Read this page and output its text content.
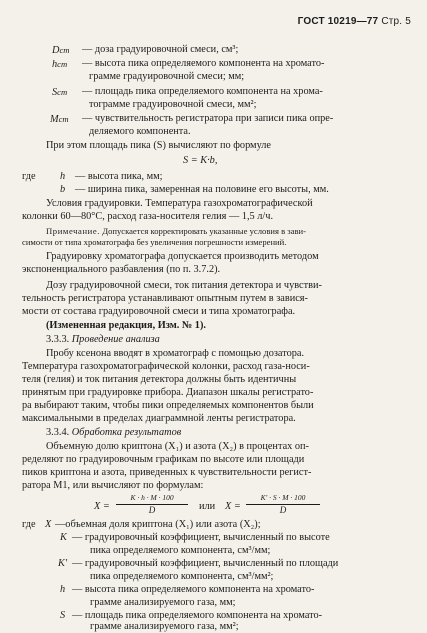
ГОСТ 10219—77 Стр. 5
Dст — доза градуировочной смеси, см³;
hст — высота пика определяемого компонента на хромато-
грамме градуировочной смеси; мм;
Sст — площадь пика определяемого компонента на хрома-
тограмме градуировочной смеси, мм²;
Mст — чувствительность регистратора при записи пика опре-
деляемого компонента.
При этом площадь пика (S) вычисляют по формуле
S = K·b,
где h — высота пика, мм;
b — ширина пика, замеренная на половине его высоты, мм.
Условия градуировки. Температура газохроматографической
колонки 60—80°С, расход газа-носителя гелия — 1,5 л/ч.
Примечание. Допускается корректировать указанные условия в зави-
симости от типа хроматографа без увеличения погрешности измерений.
Градуировку хроматографа допускается производить методом
экспоненциального разбавления (по п. 3.7.2).
Дозу градуировочной смеси, ток питания детектора и чувстви-
тельность регистратора устанавливают опытным путем в завися-
мости от состава градуировочной смеси и типа хроматографа.
(Измененная редакция, Изм. № 1).
3.3.3. Проведение анализа
Пробу ксенона вводят в хроматограф с помощью дозатора.
Температура газохроматографической колонки, расход газа-носи-
теля (гелия) и ток питания детектора должны быть идентичны
принятым при градуировке прибора. Диапазон шкалы регистрато-
ра выбирают таким, чтобы пики определяемых компонентов были
максимальными в пределах диаграммной ленты регистратора.
3.3.4. Обработка результатов
Объемную долю криптона (X₁) и азота (X₂) в процентах оп-
ределяют по градуировочным графикам по высоте или площади
пиков криптона и азота, приведенных к чувствительности регист-
ратора М1, или вычисляют по формулам:
X =
K · h · M · 100
D	или X =
K′ · S · M · 100
D
где X —объемная доля криптона (X₁) или азота (X₂);
K — градуировочный коэффициент, вычисленный по высоте
пика определяемого компонента, см³/мм;
K′ — градуировочный коэффициент, вычисленный по площади
пика определяемого компонента, см³/мм²;
h — высота пика определяемого компонента на хромато-
грамме анализируемого газа, мм;
S — площадь пика определяемого компонента на хромато-
грамме анализируемого газа, мм²;
